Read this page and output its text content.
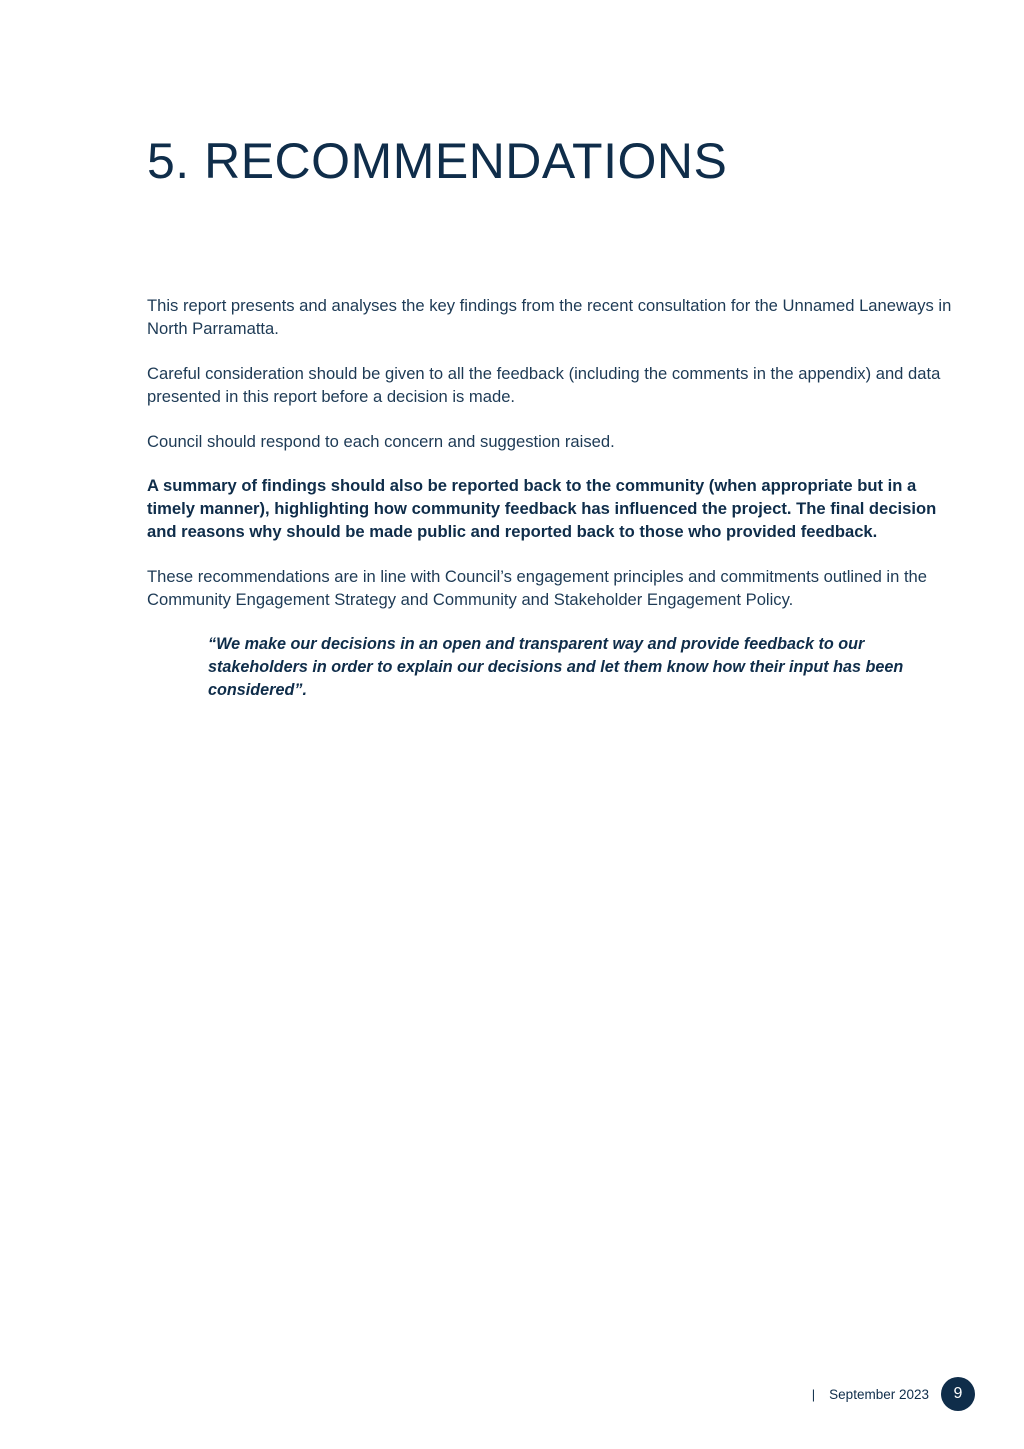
5. RECOMMENDATIONS

This report presents and analyses the key findings from the recent consultation for the Unnamed Laneways in North Parramatta.

Careful consideration should be given to all the feedback (including the comments in the appendix) and data presented in this report before a decision is made.

Council should respond to each concern and suggestion raised.

A summary of findings should also be reported back to the community (when appropriate but in a timely manner), highlighting how community feedback has influenced the project. The final decision and reasons why should be made public and reported back to those who provided feedback.

These recommendations are in line with Council’s engagement principles and commitments outlined in the Community Engagement Strategy and Community and Stakeholder Engagement Policy.

“We make our decisions in an open and transparent way and provide feedback to our stakeholders in order to explain our decisions and let them know how their input has been considered”.

| September 2023	9
